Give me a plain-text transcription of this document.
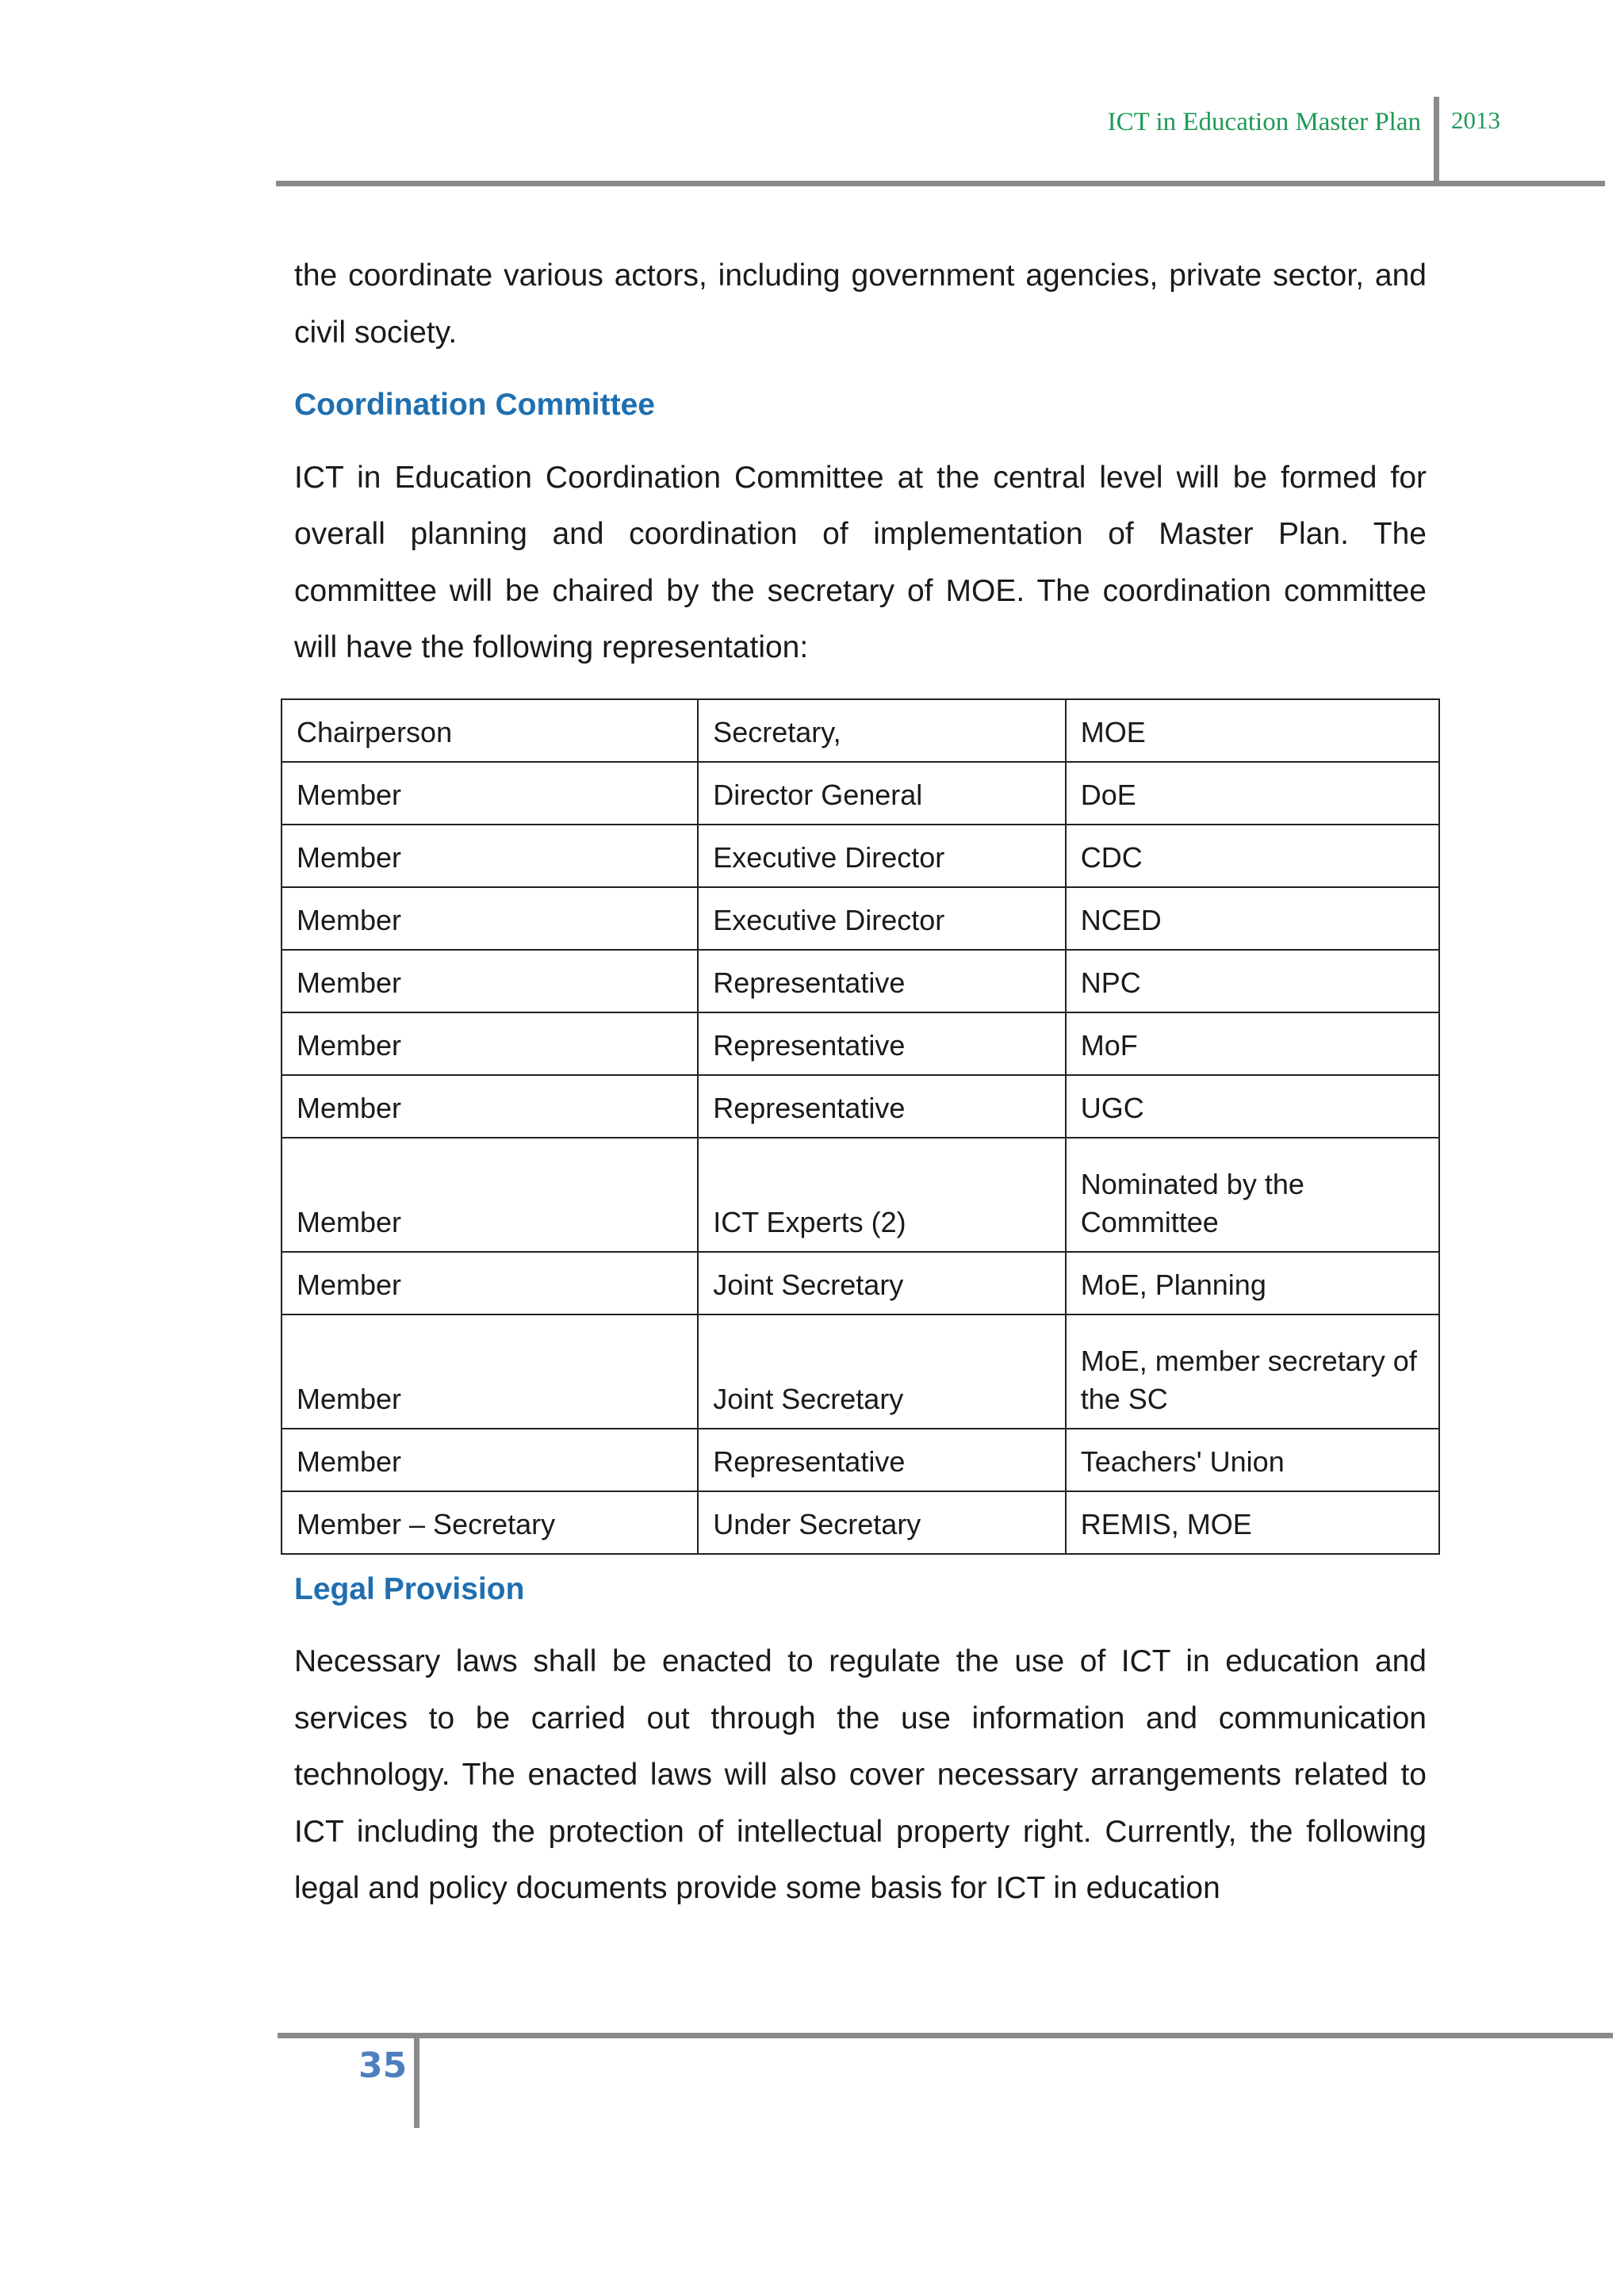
ICT in Education Master Plan 2013

the coordinate various actors, including government agencies, private sector, and civil society.

Coordination Committee

ICT in Education Coordination Committee at the central level will be formed for overall planning and coordination of implementation of Master Plan. The committee will be chaired by the secretary of MOE. The coordination committee will have the following representation:

Chairperson	Secretary,	MOE
Member	Director General	DoE
Member	Executive Director	CDC
Member	Executive Director	NCED
Member	Representative	NPC
Member	Representative	MoF
Member	Representative	UGC
Member	ICT Experts (2)	Nominated by the Committee
Member	Joint Secretary	MoE, Planning
Member	Joint Secretary	MoE, member secretary of the SC
Member	Representative	Teachers' Union
Member – Secretary	Under Secretary	REMIS, MOE
Legal Provision

Necessary laws shall be enacted to regulate the use of ICT in education and services to be carried out through the use information and communication technology. The enacted laws will also cover necessary arrangements related to ICT including the protection of intellectual property right. Currently, the following legal and policy documents provide some basis for ICT in education

35
